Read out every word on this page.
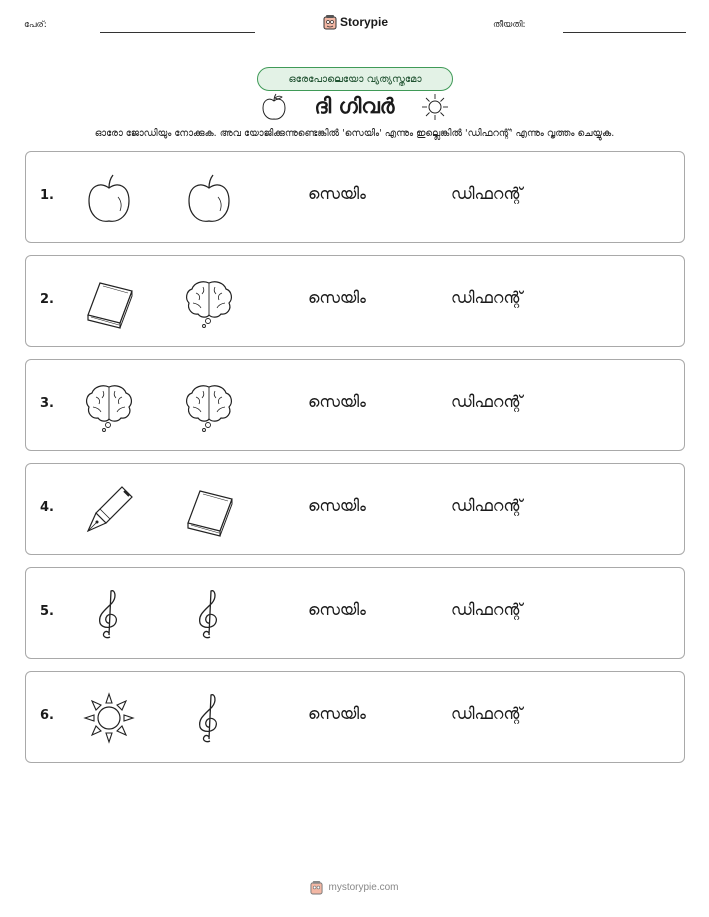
പേര്:	Storypie	തീയതി:
ഒരേപോലെയോ വ്യത്യസ്തമോ
ദി ഗിവർ
ഓരോ ജോഡിയും നോക്കുക. അവ യോജിക്കുന്നുണ്ടെങ്കിൽ 'സെയിം' എന്നും ഇല്ലെങ്കിൽ 'ഡിഫറന്റ്' എന്നും വൃത്തം ചെയ്യുക.
1.	സെയിം	ഡിഫറന്റ്
2.	സെയിം	ഡിഫറന്റ്
3.	സെയിം	ഡിഫറന്റ്
4.	സെയിം	ഡിഫറന്റ്
5.	സെയിം	ഡിഫറന്റ്
6.	സെയിം	ഡിഫറന്റ്
mystorypie.com
